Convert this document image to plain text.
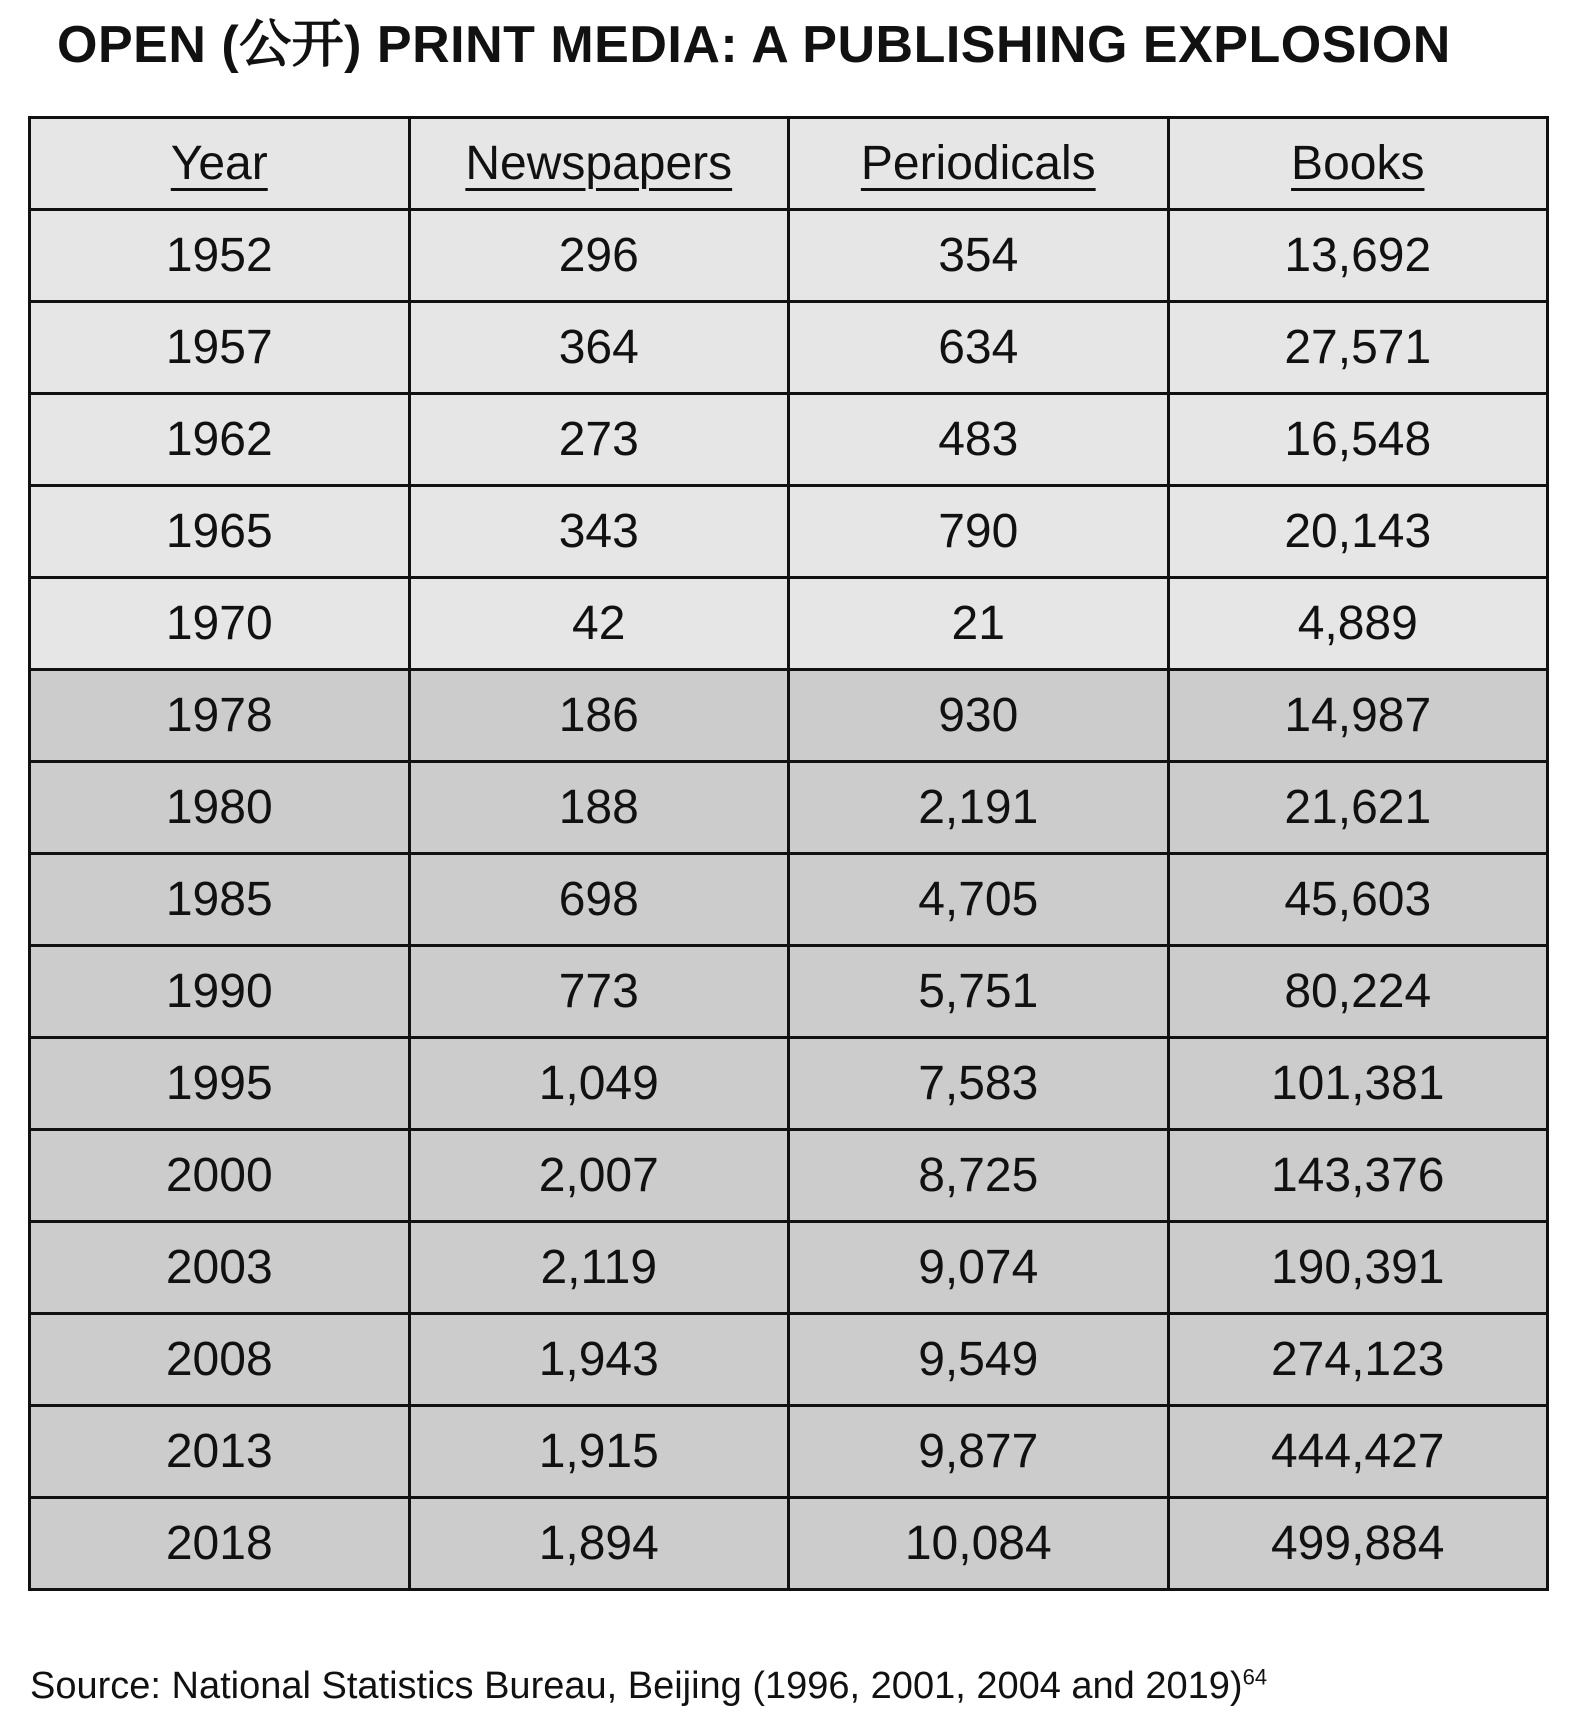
OPEN (公开) PRINT MEDIA: A PUBLISHING EXPLOSION
Year	Newspapers	Periodicals	Books
1952	296	354	13,692
1957	364	634	27,571
1962	273	483	16,548
1965	343	790	20,143
1970	42	21	4,889
1978	186	930	14,987
1980	188	2,191	21,621
1985	698	4,705	45,603
1990	773	5,751	80,224
1995	1,049	7,583	101,381
2000	2,007	8,725	143,376
2003	2,119	9,074	190,391
2008	1,943	9,549	274,123
2013	1,915	9,877	444,427
2018	1,894	10,084	499,884
Source: National Statistics Bureau, Beijing (1996, 2001, 2004 and 2019)$^{64}$
